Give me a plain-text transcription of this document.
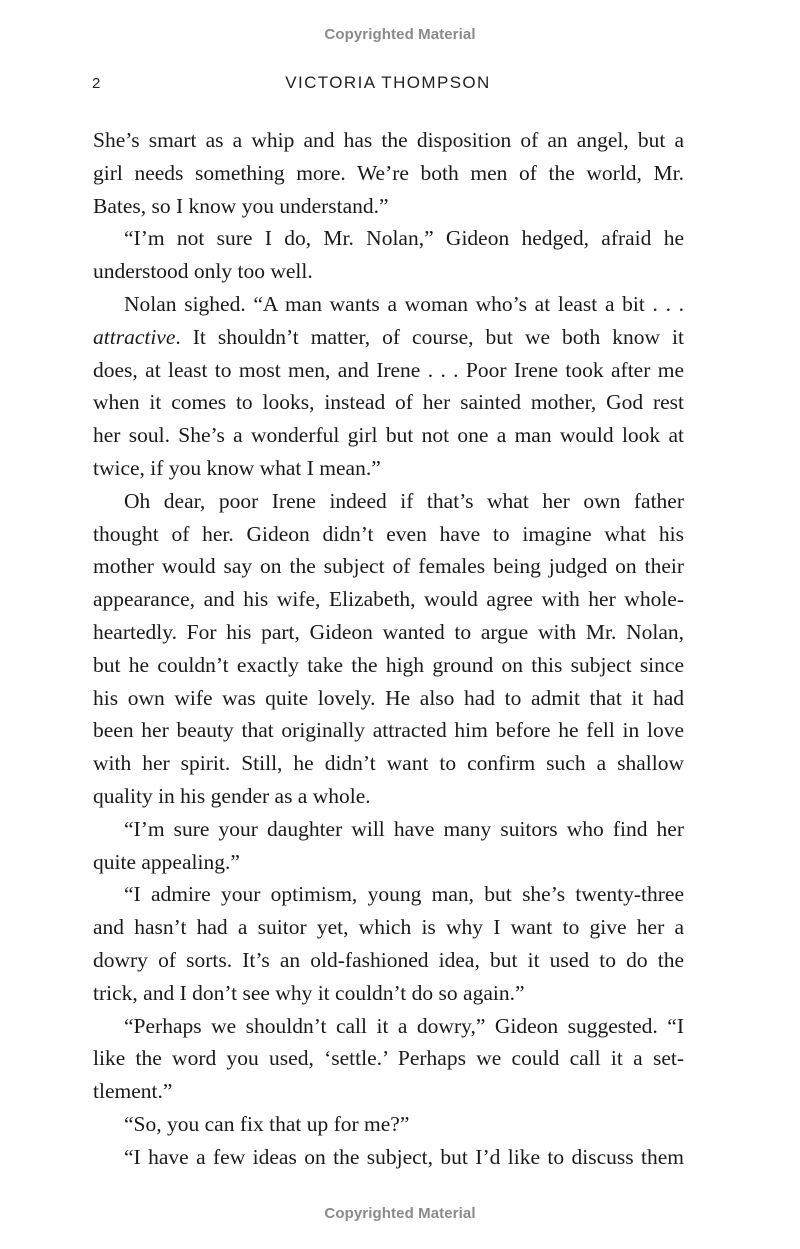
Copyrighted Material
2	VICTORIA THOMPSON
She’s smart as a whip and has the disposition of an angel, but a
girl needs something more. We’re both men of the world, Mr.
Bates, so I know you understand.”
“I’m not sure I do, Mr. Nolan,” Gideon hedged, afraid he
understood only too well.
Nolan sighed. “A man wants a woman who’s at least a bit . . .
attractive. It shouldn’t matter, of course, but we both know it
does, at least to most men, and Irene . . . Poor Irene took after me
when it comes to looks, instead of her sainted mother, God rest
her soul. She’s a wonderful girl but not one a man would look at
twice, if you know what I mean.”
Oh dear, poor Irene indeed if that’s what her own father
thought of her. Gideon didn’t even have to imagine what his
mother would say on the subject of females being judged on their
appearance, and his wife, Elizabeth, would agree with her whole-
heartedly. For his part, Gideon wanted to argue with Mr. Nolan,
but he couldn’t exactly take the high ground on this subject since
his own wife was quite lovely. He also had to admit that it had
been her beauty that originally attracted him before he fell in love
with her spirit. Still, he didn’t want to confirm such a shallow
quality in his gender as a whole.
“I’m sure your daughter will have many suitors who find her
quite appealing.”
“I admire your optimism, young man, but she’s twenty-three
and hasn’t had a suitor yet, which is why I want to give her a
dowry of sorts. It’s an old-fashioned idea, but it used to do the
trick, and I don’t see why it couldn’t do so again.”
“Perhaps we shouldn’t call it a dowry,” Gideon suggested. “I
like the word you used, ‘settle.’ Perhaps we could call it a set-
tlement.”
“So, you can fix that up for me?”
“I have a few ideas on the subject, but I’d like to discuss them
Copyrighted Material
